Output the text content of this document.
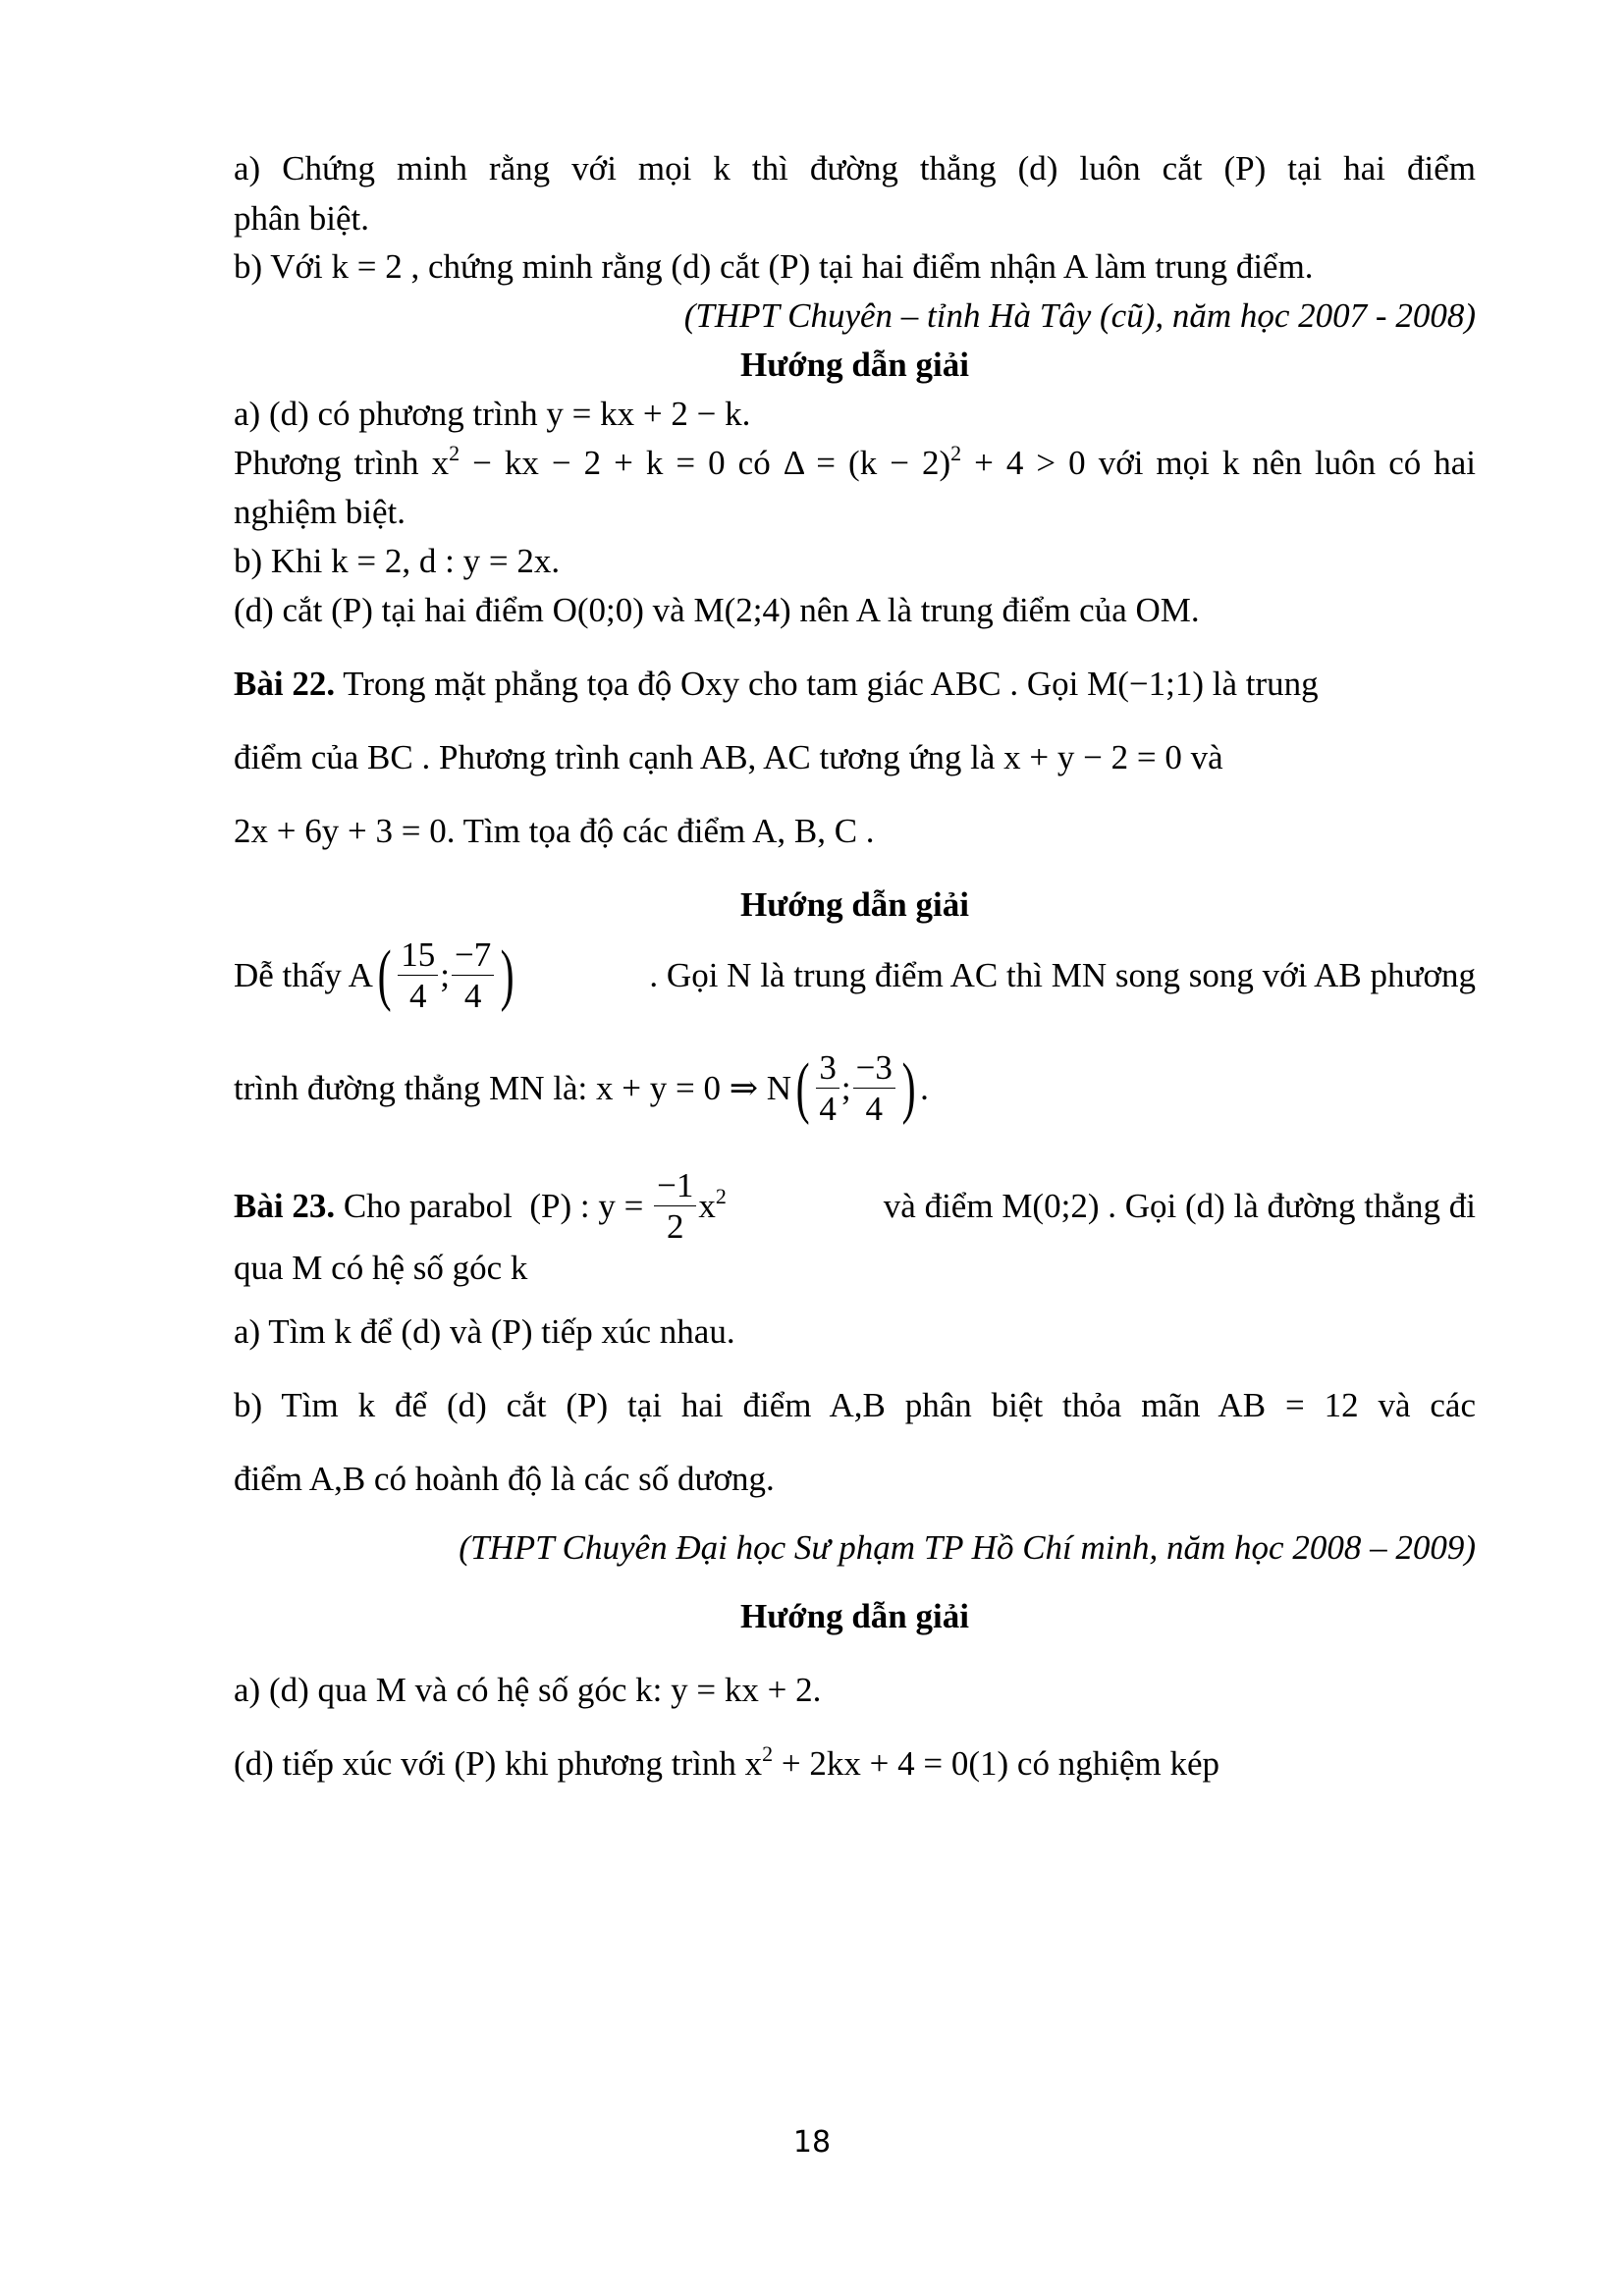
a) Chứng minh rằng với mọi k thì đường thẳng (d) luôn cắt (P) tại hai điểm

phân biệt.

b) Với k = 2 , chứng minh rằng (d) cắt (P) tại hai điểm nhận A làm trung điểm.

(THPT Chuyên – tỉnh Hà Tây (cũ), năm học 2007 - 2008)

Hướng dẫn giải

a) (d) có phương trình y = kx + 2 − k.

Phương trình $x^2$ − kx − 2 + k = 0 có $\Delta = (k - 2)^2 + 4 > 0$ với mọi k nên luôn có hai

nghiệm biệt.

b) Khi k = 2, d : y = 2x.

(d) cắt (P) tại hai điểm O(0;0) và M(2;4) nên A là trung điểm của OM.

Bài 22. Trong mặt phẳng tọa độ Oxy cho tam giác ABC . Gọi M(−1;1) là trung

điểm của BC . Phương trình cạnh AB, AC tương ứng là x + y − 2 = 0 và

2x + 6y + 3 = 0. Tìm tọa độ các điểm A, B, C .

Hướng dẫn giải

Dễ thấy A ( $\frac{15}{4}$ ; $\frac{-7}{4}$ )	. Gọi N là trung điểm AC thì MN song song với AB phương
trình đường thẳng MN là: x + y = 0 ⇒ N ( $\frac{3}{4}$ ; $\frac{-3}{4}$ ) .
Bài 23. Cho parabol  (P) : $y = \frac{-1}{2} x^2$	và điểm M(0;2) . Gọi (d) là đường thẳng đi

qua M có hệ số góc k

a) Tìm k để (d) và (P) tiếp xúc nhau.

b) Tìm k để (d) cắt (P) tại hai điểm A,B phân biệt thỏa mãn AB = 12 và các

điểm A,B có hoành độ là các số dương.

(THPT Chuyên Đại học Sư phạm TP Hồ Chí minh, năm học 2008 – 2009)

Hướng dẫn giải

a) (d) qua M và có hệ số góc k: y = kx + 2.

(d) tiếp xúc với (P) khi phương trình $x^2 + 2kx + 4 = 0(1)$ có nghiệm kép

18
